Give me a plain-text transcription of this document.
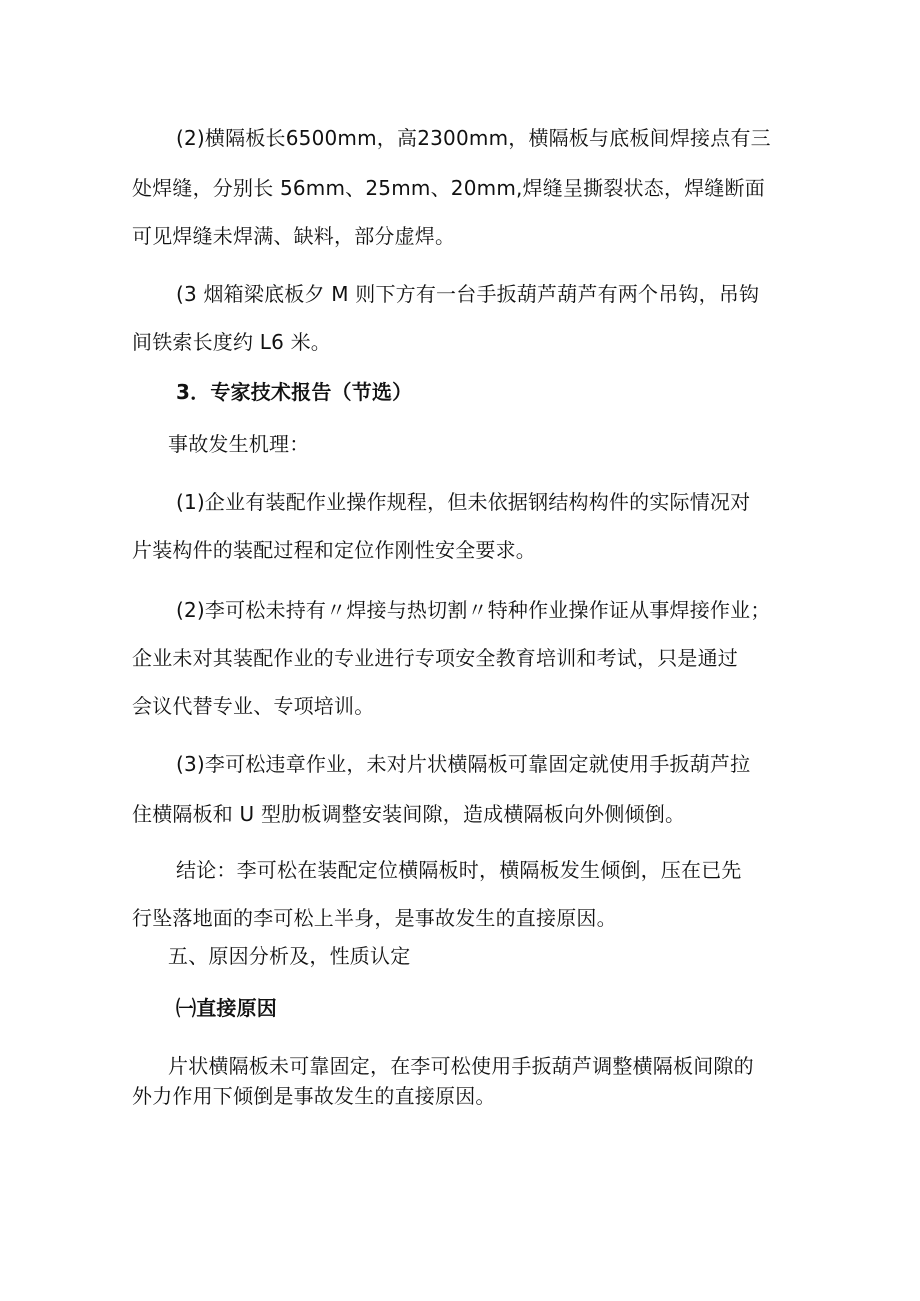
(2)横隔板长6500mm，高2300mm，横隔板与底板间焊接点有三
处焊缝，分别长 56mm、25mm、20mm,焊缝呈撕裂状态，焊缝断面
可见焊缝未焊满、缺料，部分虚焊。
(3 烟箱梁底板夕 M 则下方有一台手扳葫芦葫芦有两个吊钩，吊钩
间铁索长度约 L6 米。
3．专家技术报告（节选）
事故发生机理：
(1)企业有装配作业操作规程，但未依据钢结构构件的实际情况对
片装构件的装配过程和定位作刚性安全要求。
(2)李可松未持有〃焊接与热切割〃特种作业操作证从事焊接作业；
企业未对其装配作业的专业进行专项安全教育培训和考试，只是通过
会议代替专业、专项培训。
(3)李可松违章作业，未对片状横隔板可靠固定就使用手扳葫芦拉
住横隔板和 U 型肋板调整安装间隙，造成横隔板向外侧倾倒。
结论：李可松在装配定位横隔板时，横隔板发生倾倒，压在已先
行坠落地面的李可松上半身，是事故发生的直接原因。
五、原因分析及，性质认定
㈠直接原因
片状横隔板未可靠固定，在李可松使用手扳葫芦调整横隔板间隙的
外力作用下倾倒是事故发生的直接原因。
